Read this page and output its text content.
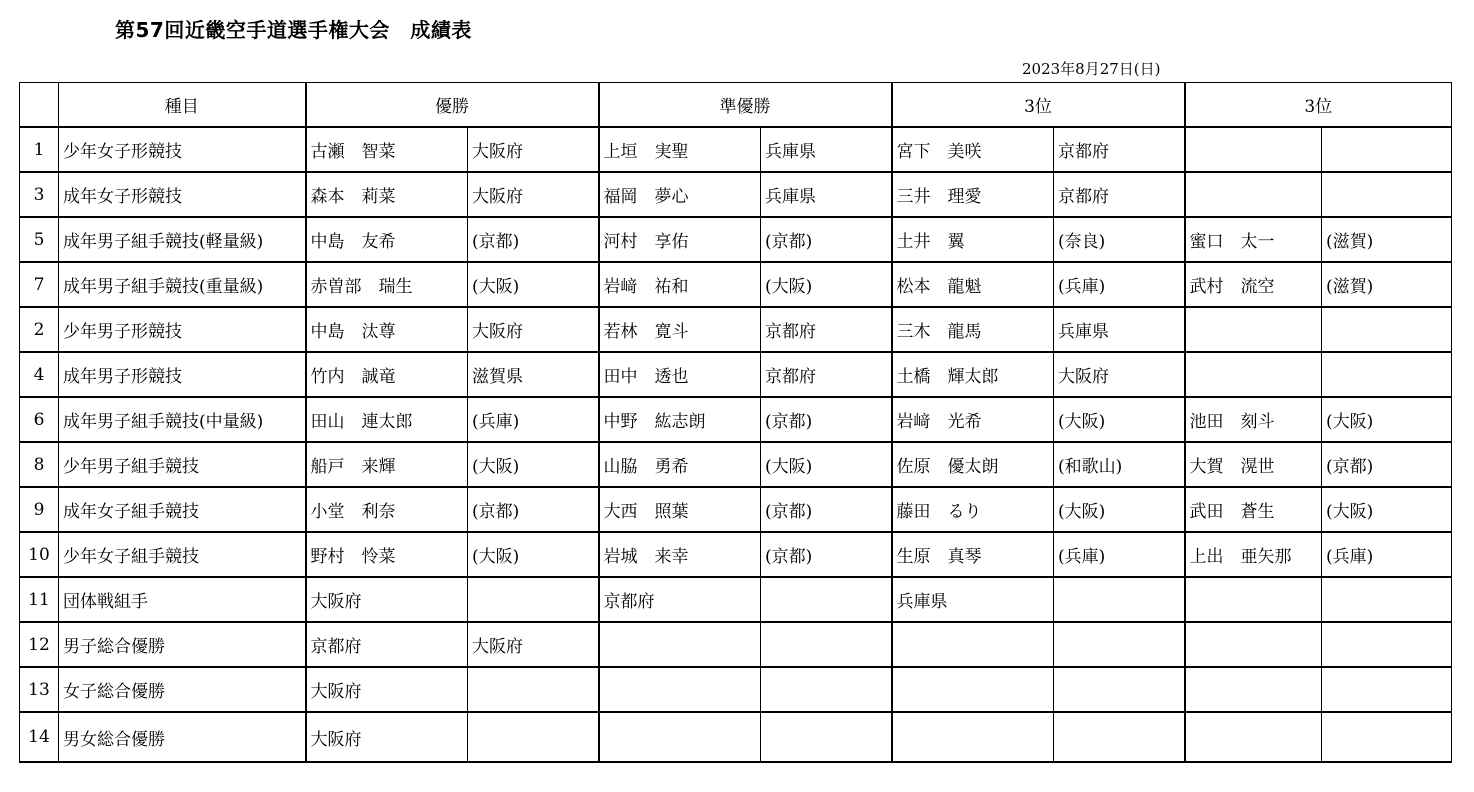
第57回近畿空手道選手権大会　成績表
2023年8月27日(日)
	種目	優勝		準優勝		3位		3位	
1	少年女子形競技	古瀬　智菜	大阪府	上垣　実聖	兵庫県	宮下　美咲	京都府		
3	成年女子形競技	森本　莉菜	大阪府	福岡　夢心	兵庫県	三井　理愛	京都府		
5	成年男子組手競技(軽量級)	中島　友希	(京都)	河村　享佑	(京都)	土井　翼	(奈良)	蜜口　太一	(滋賀)
7	成年男子組手競技(重量級)	赤曽部　瑞生	(大阪)	岩﨑　祐和	(大阪)	松本　龍魁	(兵庫)	武村　流空	(滋賀)
2	少年男子形競技	中島　汰尊	大阪府	若林　寛斗	京都府	三木　龍馬	兵庫県		
4	成年男子形競技	竹内　誠竜	滋賀県	田中　透也	京都府	土橋　輝太郎	大阪府		
6	成年男子組手競技(中量級)	田山　連太郎	(兵庫)	中野　紘志朗	(京都)	岩﨑　光希	(大阪)	池田　刻斗	(大阪)
8	少年男子組手競技	船戸　来輝	(大阪)	山脇　勇希	(大阪)	佐原　優太朗	(和歌山)	大賀　滉世	(京都)
9	成年女子組手競技	小堂　利奈	(京都)	大西　照葉	(京都)	藤田　るり	(大阪)	武田　蒼生	(大阪)
10	少年女子組手競技	野村　怜菜	(大阪)	岩城　来幸	(京都)	生原　真琴	(兵庫)	上出　亜矢那	(兵庫)
11	団体戦組手	大阪府		京都府		兵庫県			
12	男子総合優勝	京都府	大阪府						
13	女子総合優勝	大阪府							
14	男女総合優勝	大阪府							
